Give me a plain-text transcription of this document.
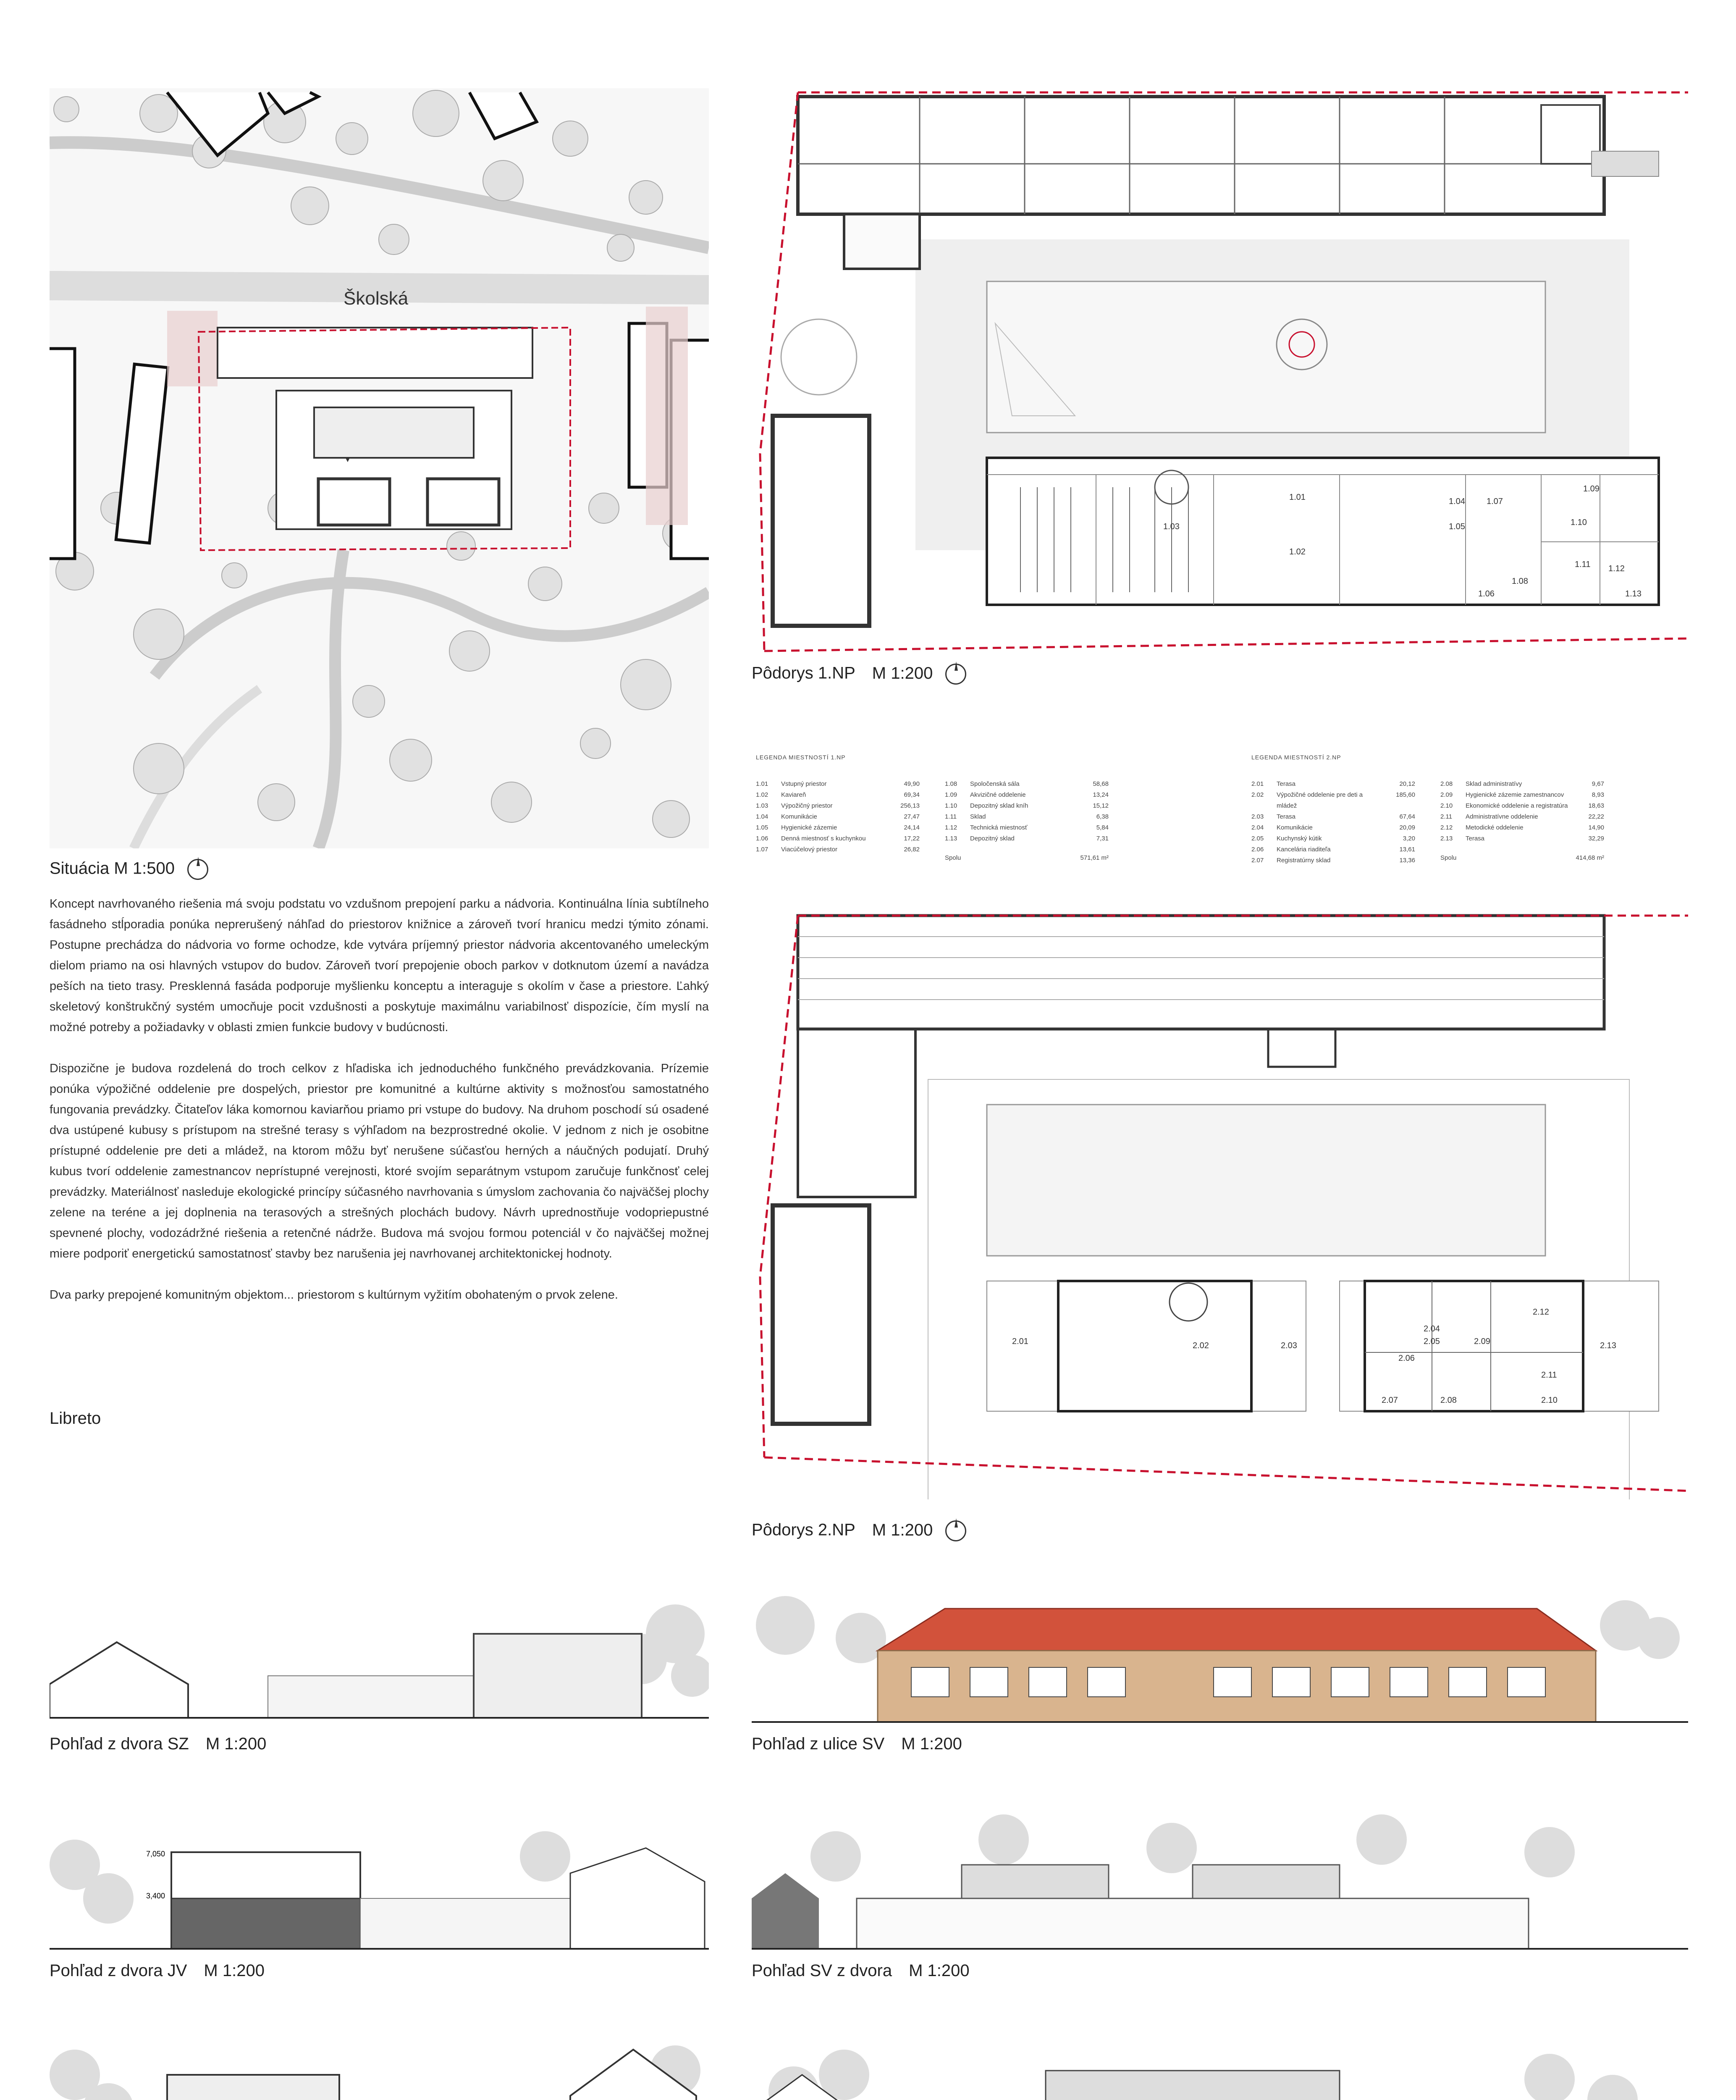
▼
Školská
Situácia M 1:500

Koncept navrhovaného riešenia má svoju podstatu vo vzdušnom prepojení parku a nádvoria. Kontinuálna línia subtílneho fasádneho stĺporadia ponúka neprerušený náhľad do priestorov knižnice a zároveň tvorí hranicu medzi týmito zónami. Postupne prechádza do nádvoria vo forme ochodze, kde vytvára príjemný priestor nádvoria akcentovaného umeleckým dielom priamo na osi hlavných vstupov do budov. Zároveň tvorí prepojenie oboch parkov v dotknutom území a navádza peších na tieto trasy. Presklenná fasáda podporuje myšlienku konceptu a interaguje s okolím v čase a priestore. Ľahký skeletový konštrukčný systém umocňuje pocit vzdušnosti a poskytuje maximálnu variabilnosť dispozície, čím myslí na možné potreby a požiadavky v oblasti zmien funkcie budovy v budúcnosti.

Dispozične je budova rozdelená do troch celkov z hľadiska ich jednoduchého funkčného prevádzkovania. Prízemie ponúka výpožičné oddelenie pre dospelých, priestor pre komunitné a kultúrne aktivity s možnosťou samostatného fungovania prevádzky. Čitateľov láka komornou kaviarňou priamo pri vstupe do budovy. Na druhom poschodí sú osadené dva ustúpené kubusy s prístupom na strešné terasy s výhľadom na bezprostredné okolie. V jednom z nich je osobitne prístupné oddelenie pre deti a mládež, na ktorom môžu byť nerušene súčasťou herných a náučných podujatí. Druhý kubus tvorí oddelenie zamestnancov neprístupné verejnosti, ktoré svojím separátnym vstupom zaručuje funkčnosť celej prevádzky. Materiálnosť nasleduje ekologické princípy súčasného navrhovania s úmyslom zachovania čo najväčšej plochy zelene na teréne a jej doplnenia na terasových a strešných plochách budovy. Návrh uprednostňuje vodopriepustné spevnené plochy, vodozádržné riešenia a retenčné nádrže. Budova má svojou formou potenciál v čo najväčšej možnej miere podporiť energetickú samostatnosť stavby bez narušenia jej navrhovanej architektonickej hodnoty.

Dva parky prepojené komunitným objektom... priestorom s kultúrnym vyžitím obohateným o prvok zelene.

Libreto
1.01
1.02
1.03
1.04
1.05
1.06
1.07
1.08
1.09
1.10
1.11 1.12
1.13
Pôdorys 1.NP M 1:200
LEGENDA MIESTNOSTÍ 1.NP
1.01	Vstupný priestor	49,90
1.02	Kaviareň	69,34
1.03	Výpožičný priestor	256,13
1.04	Komunikácie	27,47
1.05	Hygienické zázemie	24,14
1.06	Denná miestnosť s kuchynkou	17,22
1.07	Viacúčelový priestor	26,82
1.08	Spoločenská sála	58,68
1.09	Akvizičné oddelenie	13,24
1.10	Depozitný sklad kníh	15,12
1.11	Sklad	6,38
1.12	Technická miestnosť	5,84
1.13	Depozitný sklad	7,31
Spolu	571,61 m²
LEGENDA MIESTNOSTÍ 2.NP
2.01	Terasa	20,12
2.02	Výpožičné oddelenie pre deti a mládež
185,60
2.03	Terasa	67,64
2.04	Komunikácie	20,09
2.05	Kuchynský kútik	3,20
2.06	Kancelária riaditeľa	13,61
2.07	Registratúrny sklad	13,36
2.08	Sklad administratívy	9,67
2.09	Hygienické zázemie zamestnancov	8,93
2.10	Ekonomické oddelenie a registratúra	18,63
2.11	Administratívne oddelenie	22,22
2.12	Metodické oddelenie	14,90
2.13	Terasa	32,29
Spolu	414,68 m²
2.01	2.02	2.03
2.04
2.05
2.06
2.07	2.08
2.09
2.10
2.11
2.12
2.13
Pôdorys 2.NP M 1:200
Pohľad z dvora SZ M 1:200	Pohľad z ulice SV M 1:200
7,050
3,400
Pohľad z dvora JV M 1:200	Pohľad SV z dvora M 1:200
